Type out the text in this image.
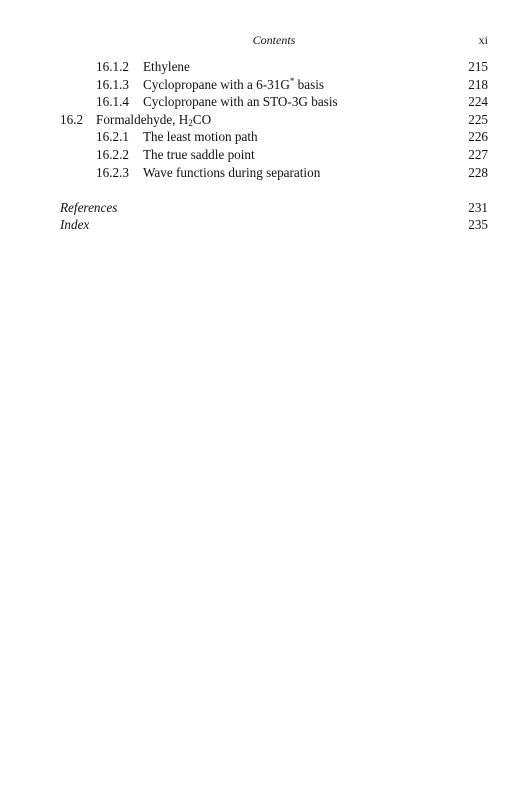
Contents	xi
16.1.2 Ethylene	215
16.1.3 Cyclopropane with a 6-31G* basis	218
16.1.4 Cyclopropane with an STO-3G basis	224
16.2 Formaldehyde, $H_2CO$	225
16.2.1 The least motion path	226
16.2.2 The true saddle point	227
16.2.3 Wave functions during separation	228
References	231
Index	235
